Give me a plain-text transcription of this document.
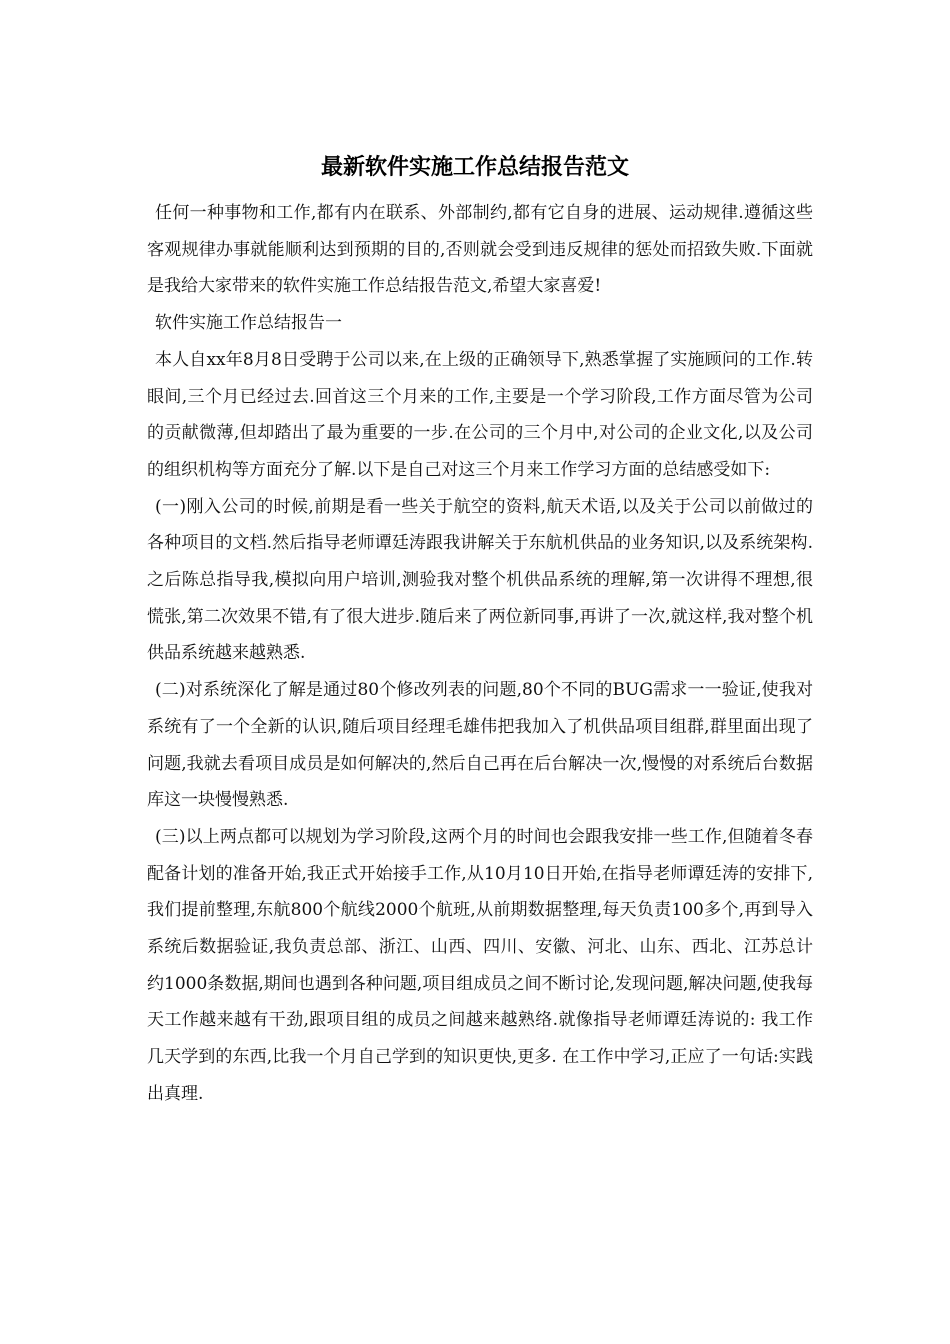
最新软件实施工作总结报告范文

任何一种事物和工作,都有内在联系、外部制约,都有它自身的进展、运动规律.遵循这些客观规律办事就能顺利达到预期的目的,否则就会受到违反规律的惩处而招致失败.下面就是我给大家带来的软件实施工作总结报告范文,希望大家喜爱!

软件实施工作总结报告一

本人自xx年8月8日受聘于公司以来,在上级的正确领导下,熟悉掌握了实施顾问的工作.转眼间,三个月已经过去.回首这三个月来的工作,主要是一个学习阶段,工作方面尽管为公司的贡献微薄,但却踏出了最为重要的一步.在公司的三个月中,对公司的企业文化,以及公司的组织机构等方面充分了解.以下是自己对这三个月来工作学习方面的总结感受如下:

(一)刚入公司的时候,前期是看一些关于航空的资料,航天术语,以及关于公司以前做过的各种项目的文档.然后指导老师谭廷涛跟我讲解关于东航机供品的业务知识,以及系统架构.之后陈总指导我,模拟向用户培训,测验我对整个机供品系统的理解,第一次讲得不理想,很慌张,第二次效果不错,有了很大进步.随后来了两位新同事,再讲了一次,就这样,我对整个机供品系统越来越熟悉.

(二)对系统深化了解是通过80个修改列表的问题,80个不同的BUG需求一一验证,使我对系统有了一个全新的认识,随后项目经理毛雄伟把我加入了机供品项目组群,群里面出现了问题,我就去看项目成员是如何解决的,然后自己再在后台解决一次,慢慢的对系统后台数据库这一块慢慢熟悉.

(三)以上两点都可以规划为学习阶段,这两个月的时间也会跟我安排一些工作,但随着冬春配备计划的准备开始,我正式开始接手工作,从10月10日开始,在指导老师谭廷涛的安排下,我们提前整理,东航800个航线2000个航班,从前期数据整理,每天负责100多个,再到导入系统后数据验证,我负责总部、浙江、山西、四川、安徽、河北、山东、西北、江苏总计约1000条数据,期间也遇到各种问题,项目组成员之间不断讨论,发现问题,解决问题,使我每天工作越来越有干劲,跟项目组的成员之间越来越熟络.就像指导老师谭廷涛说的: 我工作几天学到的东西,比我一个月自己学到的知识更快,更多. 在工作中学习,正应了一句话:实践出真理.
